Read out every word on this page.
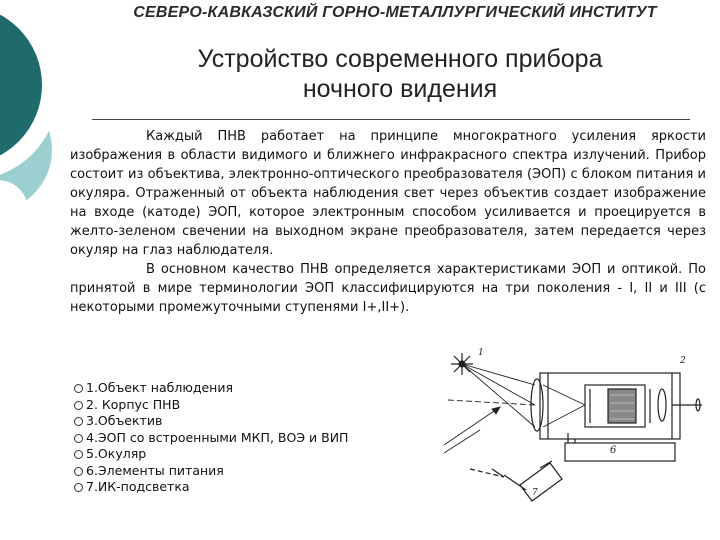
СЕВЕРО-КАВКАЗСКИЙ ГОРНО-МЕТАЛЛУРГИЧЕСКИЙ ИНСТИТУТ
Устройство современного прибора
ночного видения

Каждый ПНВ работает на принципе многократного усиления яркости изображения в области видимого и ближнего инфракрасного спектра излучений. Прибор состоит из объектива, электронно-оптического преобразователя (ЭОП) с блоком питания и окуляра. Отраженный от объекта наблюдения свет через объектив создает изображение на входе (катоде) ЭОП, которое электронным способом усиливается и проецируется в желто-зеленом свечении на выходном экране преобразователя, затем передается через окуляр на глаз наблюдателя.

В основном качество ПНВ определяется характеристиками ЭОП и оптикой. По принятой в мире терминологии ЭОП классифицируются на три поколения - I, II и III (с некоторыми промежуточными ступенями I+,II+).

1.Объект наблюдения
2. Корпус ПНВ
3.Объектив
4.ЭОП со встроенными МКП, ВОЭ и ВИП
5.Окуляр
6.Элементы питания
7.ИК-подсветка
1
2
6
7
